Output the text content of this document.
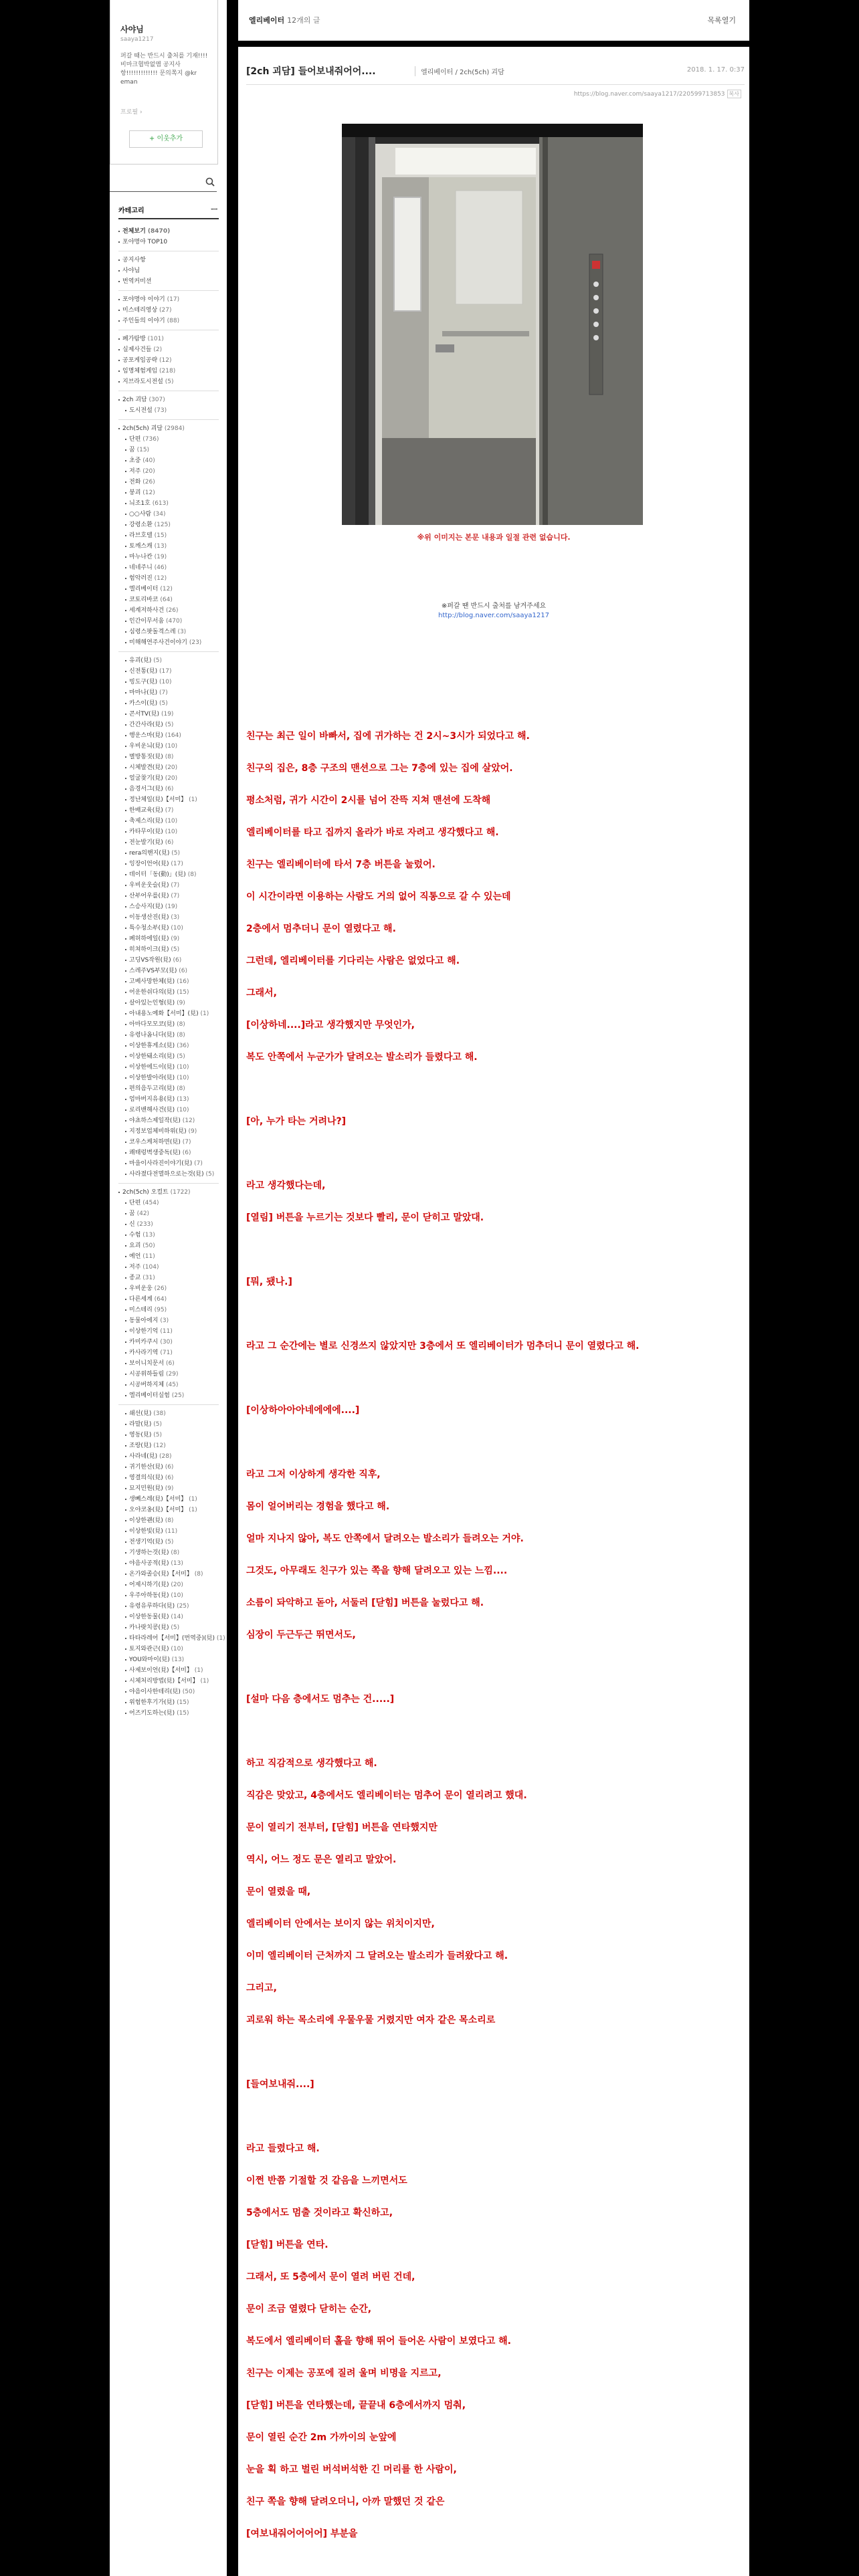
사야님
saaya1217
퍼갈 때는 반드시 출처를 기재!!!! 비마크협박없앰 공지사항!!!!!!!!!!!!! 문의쪽지 @kr eman
프로필 ›
+ 이웃추가
카테고리	ㅡ
전체보기 (8470)
포야명야 TOP10
공지사항
사야님
번역커미션
포야명야 이야기 (17)
미스테리영상 (27)
주인들의 이야기 (88)
폐가탐방 (101)
실제사건들 (2)
공포게임공략 (12)
임명체험게임 (218)
지브라도시전설 (5)
2ch 괴담 (307)
도시전설 (73)
2ch(5ch) 괴담 (2984)
단편 (736)
꿈 (15)
초중 (40)
저주 (20)
전화 (26)
붕괴 (12)
늬조1호 (613)
○○사람 (34)
강령소환 (125)
라브호텔 (15)
토깨스캐 (13)
마누나칸 (19)
네네주니 (46)
험악러진 (12)
엘리베이터 (12)
코토리바코 (64)
세계저하사건 (26)
인간이무서움 (470)
심령스팟돌격스레 (3)
미해해연주사건이야기 (23)
유괴(見) (5)
신전통(見) (17)
빙도구(見) (10)
마마나(見) (7)
카스이(見) (5)
콘서TV(見) (19)
간간사라(見) (5)
행운스마(見) (164)
우비운늬(見) (10)
별방통짓(見) (8)
시체발견(見) (20)
얼굴찾기(見) (20)
음경서그(見) (6)
정난체일(見)【서미】 (1)
한배교육(見) (7)
축제스리(見) (10)
카타무이(見) (10)
전눈발기(見) (6)
rera의핸지(見) (5)
잉장이언어(見) (17)
데이터「동(動)」(見) (8)
우비운웃슬(見) (7)
산부어우를(見) (7)
스승사지(見) (19)
이동생산진(見) (3)
특수청소부(見) (10)
폐허하에일(見) (9)
히쳐하이크(見) (5)
고딩VS작원(見) (6)
스레주VS부모(見) (6)
고베사망한체(見) (16)
어운한쉬다의(見) (15)
살아있는인형(見) (9)
아내용노예화【서미】(見) (1)
아마다모모코(見) (8)
유령나옴니다(見) (8)
이상한휴게소(見) (36)
이상한돼소리(見) (5)
이상한에드이(見) (10)
이상한발아라(見) (10)
편의음두고리(見) (8)
엄마버지유용(見) (13)
로리밴해사건(見) (10)
야쵸하스제일작(見) (12)
지정보업체비하위(見) (9)
코우스케처하면(見) (7)
쾌태렁벽생중독(見) (6)
마을이사라진이야기(見) (7)
사라졌다전멸하으로는것(見) (5)
2ch(5ch) 오컬트 (1722)
단편 (454)
꿈 (42)
신 (233)
수험 (13)
요괴 (50)
예언 (11)
저주 (104)
종교 (31)
우비운웅 (26)
다른세계 (64)
미스테리 (95)
동물아에지 (3)
이상한기억 (11)
카미카쿠시 (30)
카사라기역 (71)
보이니치문서 (6)
시공위하들림 (29)
시공버하지체 (45)
엘리베이터실험 (25)
쇄선(見) (38)
라말(見) (5)
영동(見) (5)
조랑(見) (12)
사라네(見) (28)
귀기한산(見) (6)
영결의식(見) (6)
묘지민원(見) (9)
생뻬스레(見)【서미】 (1)
오야코옹(見)【서미】 (1)
이상한괜(見) (8)
이상한빛(見) (11)
전생기억(見) (5)
기생하는것(見) (8)
야음사공적(見) (13)
온가와졸승(見)【서미】 (8)
어제시하기(見) (20)
우주아하동(見) (10)
유령유루하다(見) (25)
이상한동물(見) (14)
카나랏치콩(見) (5)
타타라레어【서미】(번역중)(見) (1)
토지와관근(見) (10)
YOU와마이(見) (13)
사제보이언(見)【서미】 (1)
시체처리방법(見)【서미】 (1)
야음이사한테리(見) (50)
위험한후기가(見) (15)
어즈키도하는(見) (15)
엘리베이터 12개의 글	목록열기
[2ch 괴담] 들어보내줘어어....	엘리베이터 / 2ch(5ch) 괴담	2018. 1. 17. 0:37
https://blog.naver.com/saaya1217/220599713853 복사
※위 이미지는 본문 내용과 일절 관련 없습니다.
※퍼갈 땐 반드시 출처를 남겨주세요
http://blog.naver.com/saaya1217
친구는 최근 일이 바빠서, 집에 귀가하는 건 2시~3시가 되었다고 해.
친구의 집은, 8층 구조의 맨션으로 그는 7층에 있는 집에 살았어.
평소처럼, 귀가 시간이 2시를 넘어 잔뜩 지쳐 맨션에 도착해
엘리베이터를 타고 집까지 올라가 바로 자려고 생각했다고 해.
친구는 엘리베이터에 타서 7층 버튼을 눌렀어.
이 시간이라면 이용하는 사람도 거의 없어 직통으로 갈 수 있는데
2층에서 멈추더니 문이 열렸다고 해.
그런데, 엘리베이터를 기다리는 사람은 없었다고 해.
그래서,
[이상하네....]라고 생각했지만 무엇인가,
복도 안쪽에서 누군가가 달려오는 발소리가 들렸다고 해.
[아, 누가 타는 거려나?]
라고 생각했다는데,
[열림] 버튼을 누르기는 것보다 빨리, 문이 닫히고 말았대.
[뭐, 됐나.]
라고 그 순간에는 별로 신경쓰지 않았지만 3층에서 또 엘리베이터가 멈추더니 문이 열렸다고 해.
[이상하아아아네에에에....]
라고 그저 이상하게 생각한 직후,
몸이 얼어버리는 경험을 했다고 해.
얼마 지나지 않아, 복도 안쪽에서 달려오는 발소리가 들려오는 거야.
그것도, 아무래도 친구가 있는 쪽을 향해 달려오고 있는 느낌....
소름이 돠악하고 돋아, 서둘러 [닫힘] 버튼을 눌렀다고 해.
심장이 두근두근 뛰면서도,
[설마 다음 층에서도 멈추는 건.....]
하고 직감적으로 생각했다고 해.
직감은 맞았고, 4층에서도 엘리베이터는 멈추어 문이 열리려고 했대.
문이 열리기 전부터, [닫힘] 버튼을 연타했지만
역시, 어느 정도 문은 열리고 말았어.
문이 열렸을 때,
엘리베이터 안에서는 보이지 않는 위치이지만,
이미 엘리베이터 근처까지 그 달려오는 발소리가 들려왔다고 해.
그리고,
괴로워 하는 목소리에 우물우물 거렸지만 여자 같은 목소리로
[들여보내줘....]
라고 들렸다고 해.
이쩐 반쯤 기절할 것 같음을 느끼면서도
5층에서도 멈출 것이라고 확신하고,
[닫힘] 버튼을 연타.
그래서, 또 5층에서 문이 열려 버린 건데,
문이 조금 열렸다 닫히는 순간,
복도에서 엘리베이터 홀을 향해 뛰어 들어온 사람이 보였다고 해.
친구는 이제는 공포에 질려 울며 비명을 지르고,
[닫힘] 버튼을 연타했는데, 끝끝내 6층에서까지 멈춰,
문이 열린 순간 2m 가까이의 눈앞에
눈을 획 하고 벌린 버석버석한 긴 머리를 한 사람이,
친구 쪽을 향해 달려오더니, 아까 말했던 것 같은
[여보내줘어어어어] 부분을
